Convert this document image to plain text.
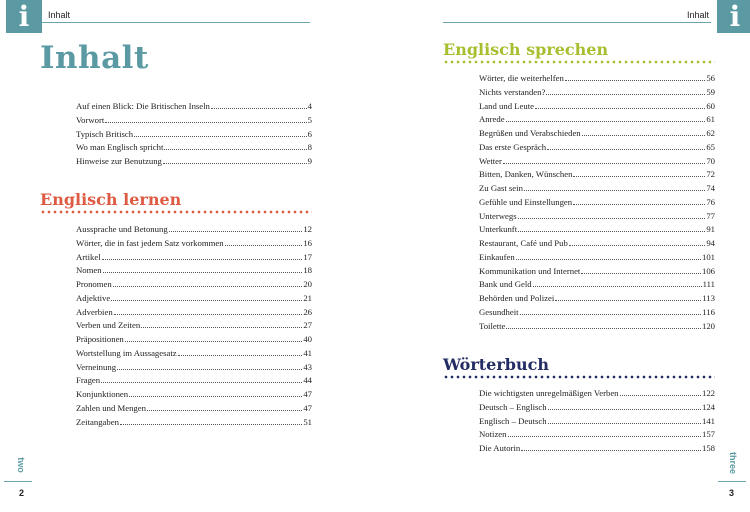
i	Inhalt	i
Inhalt
Inhalt
Auf einen Blick: Die Britischen Inseln	4
Vorwort	5
Typisch Britisch	6
Wo man Englisch spricht	8
Hinweise zur Benutzung	9
Englisch lernen
Aussprache und Betonung	12
Wörter, die in fast jedem Satz vorkommen	16
Artikel	17
Nomen	18
Pronomen	20
Adjektive	21
Adverbien	26
Verben und Zeiten	27
Präpositionen	40
Wortstellung im Aussagesatz	41
Verneinung	43
Fragen	44
Konjunktionen	47
Zahlen und Mengen	47
Zeitangaben	51
Englisch sprechen
Wörter, die weiterhelfen	56
Nichts verstanden?	59
Land und Leute	60
Anrede	61
Begrüßen und Verabschieden	62
Das erste Gespräch	65
Wetter	70
Bitten, Danken, Wünschen	72
Zu Gast sein	74
Gefühle und Einstellungen	76
Unterwegs	77
Unterkunft	91
Restaurant, Café und Pub	94
Einkaufen	101
Kommunikation und Internet	106
Bank und Geld	111
Behörden und Polizei	113
Gesundheit	116
Toilette	120
Wörterbuch
Die wichtigsten unregelmäßigen Verben	122
Deutsch – Englisch	124
Englisch – Deutsch	141
Notizen	157
Die Autorin	158
two
2
three
3
